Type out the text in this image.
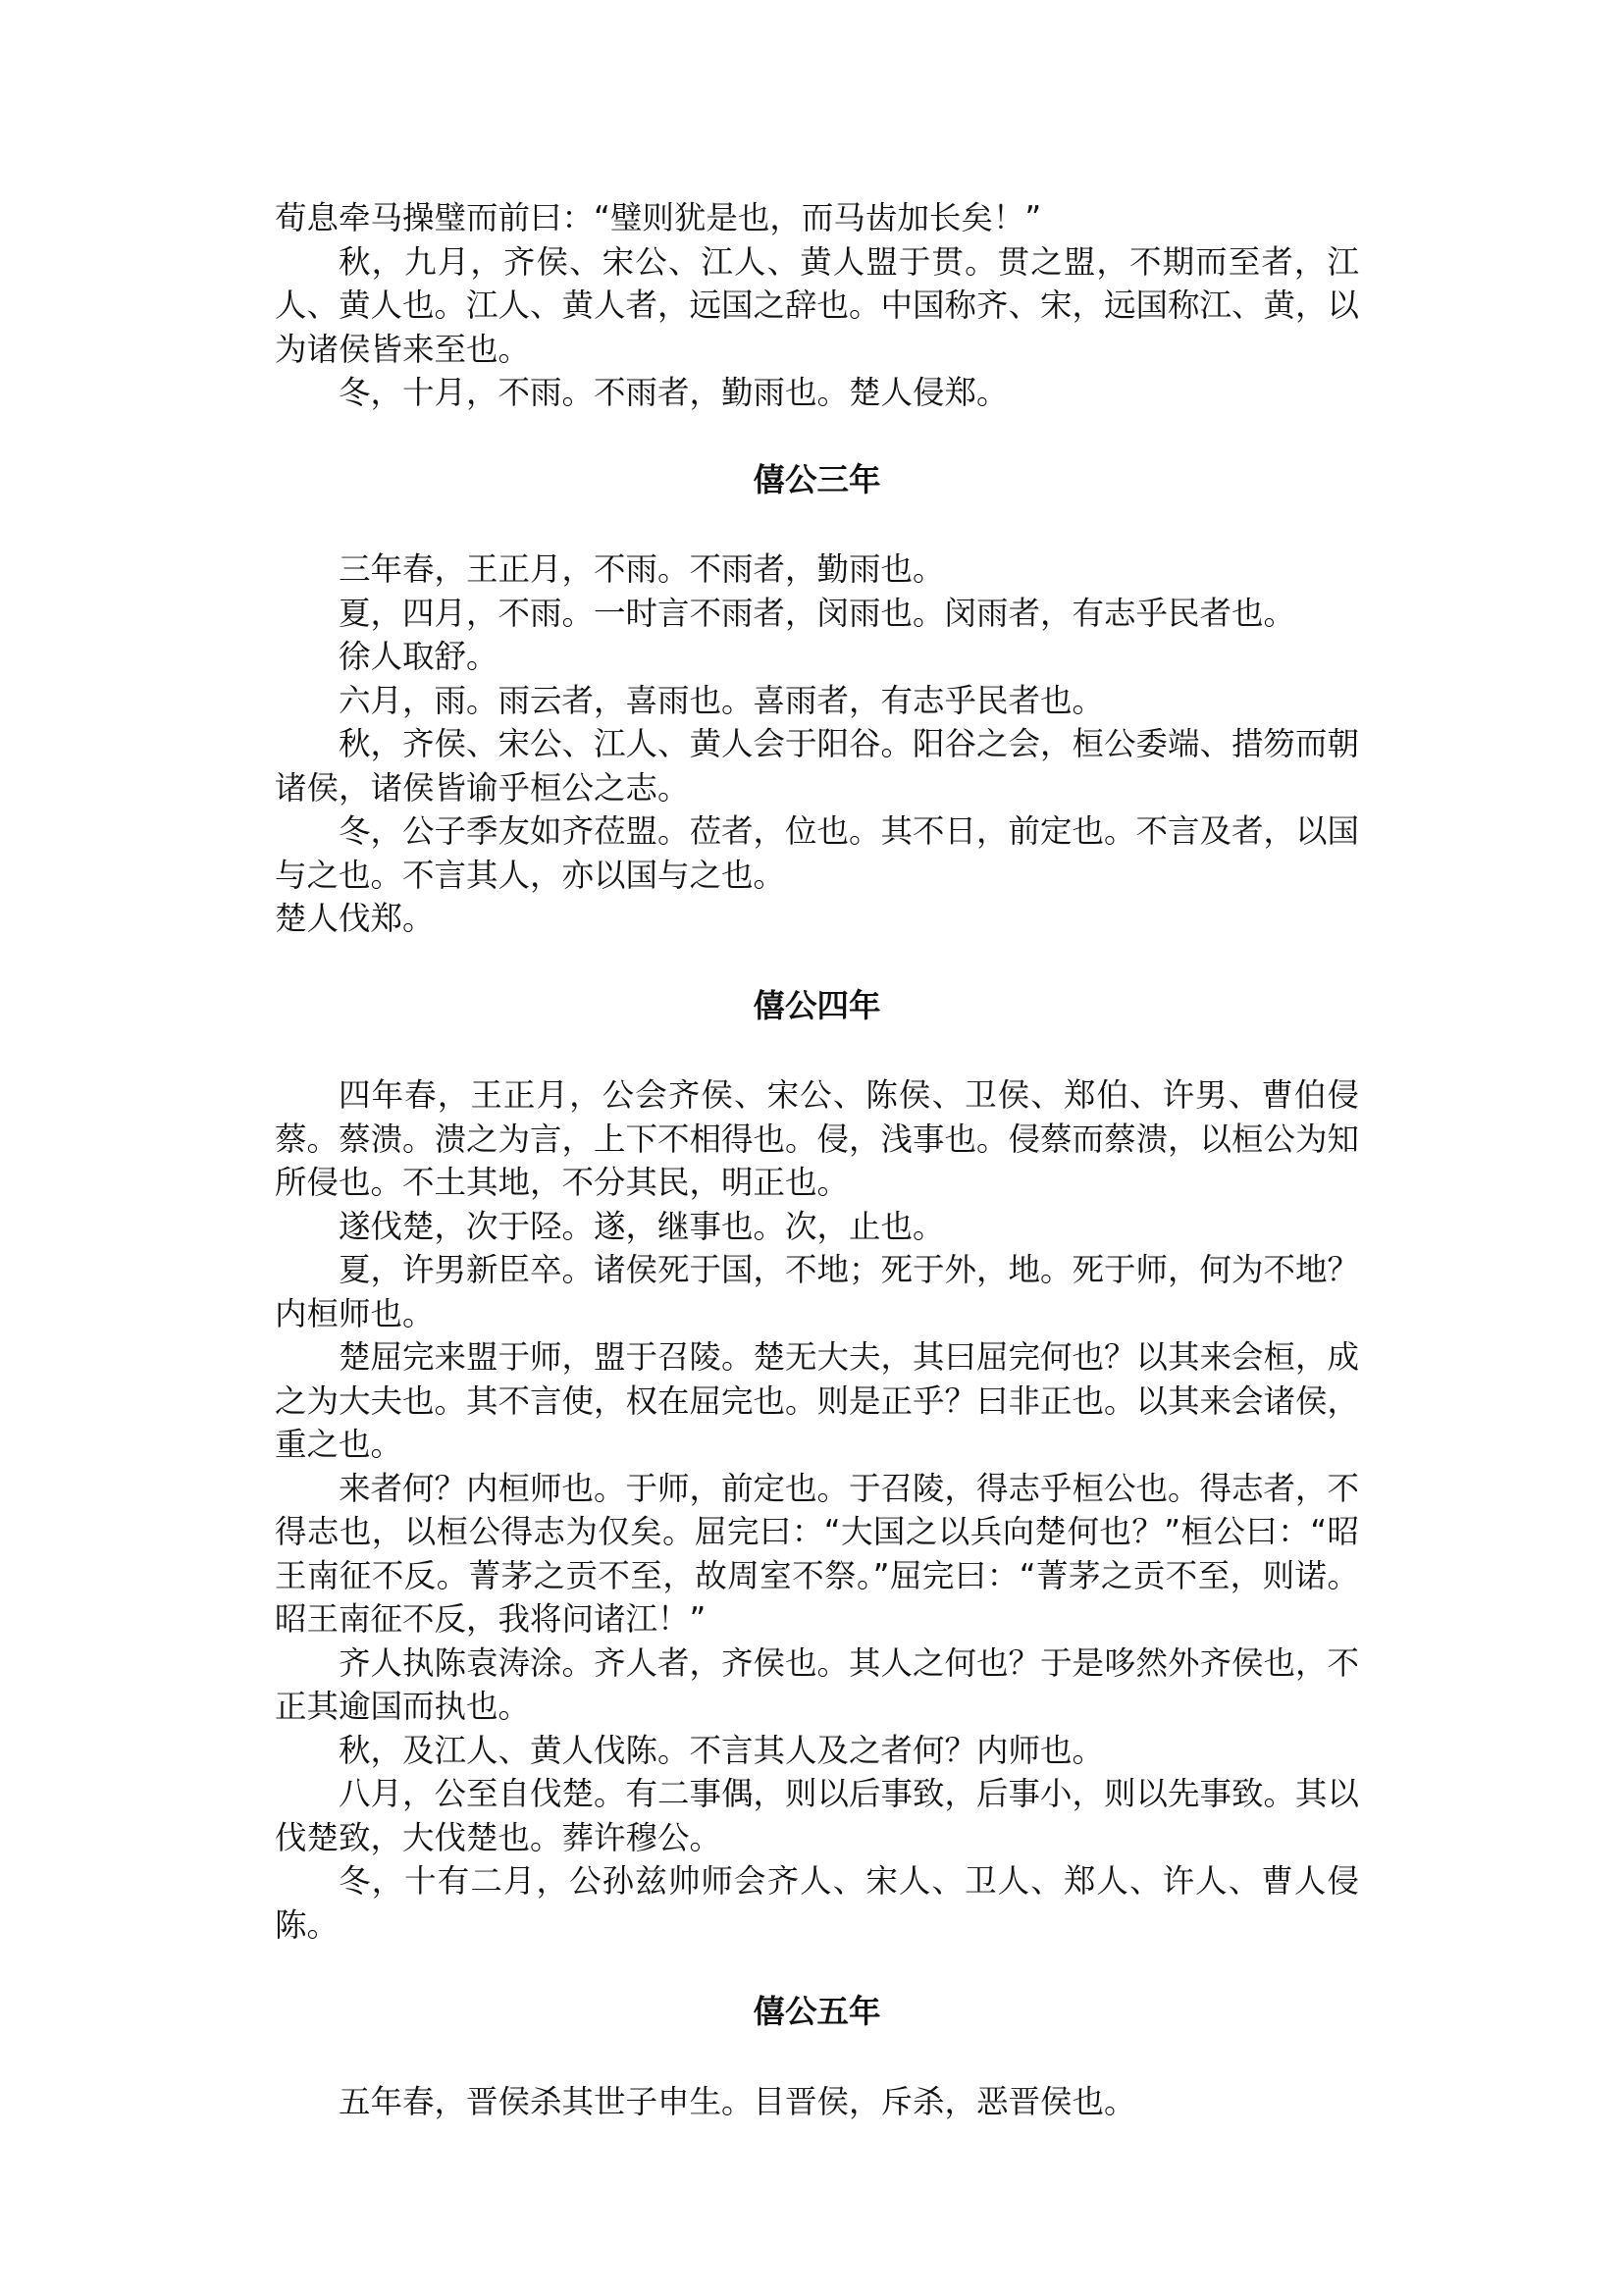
荀息牵马操璧而前曰：“璧则犹是也，而马齿加长矣！”

秋，九月，齐侯、宋公、江人、黄人盟于贯。贯之盟，不期而至者，江人、黄人也。江人、黄人者，远国之辞也。中国称齐、宋，远国称江、黄，以为诸侯皆来至也。

冬，十月，不雨。不雨者，勤雨也。楚人侵郑。

僖公三年

三年春，王正月，不雨。不雨者，勤雨也。

夏，四月，不雨。一时言不雨者，闵雨也。闵雨者，有志乎民者也。

徐人取舒。

六月，雨。雨云者，喜雨也。喜雨者，有志乎民者也。

秋，齐侯、宋公、江人、黄人会于阳谷。阳谷之会，桓公委端、措笏而朝诸侯，诸侯皆谕乎桓公之志。

冬，公子季友如齐莅盟。莅者，位也。其不日，前定也。不言及者，以国与之也。不言其人，亦以国与之也。

楚人伐郑。

僖公四年

四年春，王正月，公会齐侯、宋公、陈侯、卫侯、郑伯、许男、曹伯侵蔡。蔡溃。溃之为言，上下不相得也。侵，浅事也。侵蔡而蔡溃，以桓公为知所侵也。不土其地，不分其民，明正也。

遂伐楚，次于陉。遂，继事也。次，止也。

夏，许男新臣卒。诸侯死于国，不地；死于外，地。死于师，何为不地？内桓师也。

楚屈完来盟于师，盟于召陵。楚无大夫，其曰屈完何也？以其来会桓，成之为大夫也。其不言使，权在屈完也。则是正乎？曰非正也。以其来会诸侯，重之也。

来者何？内桓师也。于师，前定也。于召陵，得志乎桓公也。得志者，不得志也，以桓公得志为仅矣。屈完曰：“大国之以兵向楚何也？”桓公曰：“昭王南征不反。菁茅之贡不至，故周室不祭。”屈完曰：“菁茅之贡不至，则诺。昭王南征不反，我将问诸江！”

齐人执陈袁涛涂。齐人者，齐侯也。其人之何也？于是哆然外齐侯也，不正其逾国而执也。

秋，及江人、黄人伐陈。不言其人及之者何？内师也。

八月，公至自伐楚。有二事偶，则以后事致，后事小，则以先事致。其以伐楚致，大伐楚也。葬许穆公。

冬，十有二月，公孙兹帅师会齐人、宋人、卫人、郑人、许人、曹人侵陈。

僖公五年

五年春，晋侯杀其世子申生。目晋侯，斥杀，恶晋侯也。
